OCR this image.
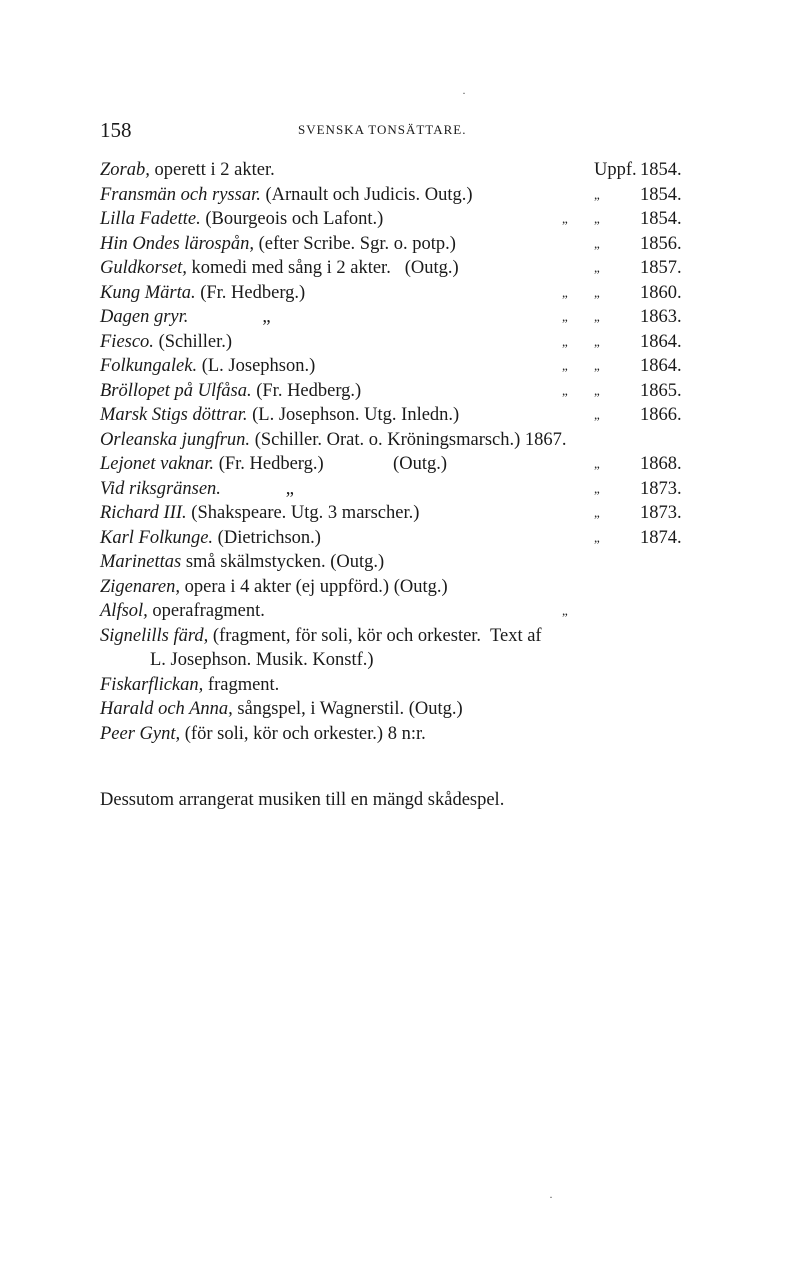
158	SVENSKA TONSÄTTARE.
Zorab, operett i 2 akter.	Uppf. 1854.
Fransmän och ryssar. (Arnault och Judicis. Outg.)	„ 1854.
Lilla Fadette. (Bourgeois och Lafont.)	„ „ 1854.
Hin Ondes lärospån, (efter Scribe. Sgr. o. potp.)	„ 1856.
Guldkorset, komedi med sång i 2 akter.   (Outg.)	„ 1857.
Kung Märta. (Fr. Hedberg.)	„ „ 1860.
Dagen gryr.                „	„ „ 1863.
Fiesco. (Schiller.)	„ „ 1864.
Folkungalek. (L. Josephson.)	„ „ 1864.
Bröllopet på Ulfåsa. (Fr. Hedberg.)	„ „ 1865.
Marsk Stigs döttrar. (L. Josephson. Utg. Inledn.)	„ 1866.
Orleanska jungfrun. (Schiller. Orat. o. Kröningsmarsch.) 1867.
Lejonet vaknar. (Fr. Hedberg.)               (Outg.)	„ 1868.
Vid riksgränsen.              „	„ 1873.
Richard III. (Shakspeare. Utg. 3 marscher.)	„ 1873.
Karl Folkunge. (Dietrichson.)	„ 1874.
Marinettas små skälmstycken. (Outg.)
Zigenaren, opera i 4 akter (ej uppförd.) (Outg.)
Alfsol, operafragment.	„
Signelills färd, (fragment, för soli, kör och orkester.  Text af
L. Josephson. Musik. Konstf.)
Fiskarflickan, fragment.
Harald och Anna, sångspel, i Wagnerstil. (Outg.)
Peer Gynt, (för soli, kör och orkester.) 8 n:r.
Dessutom arrangerat musiken till en mängd skådespel.
·
·
